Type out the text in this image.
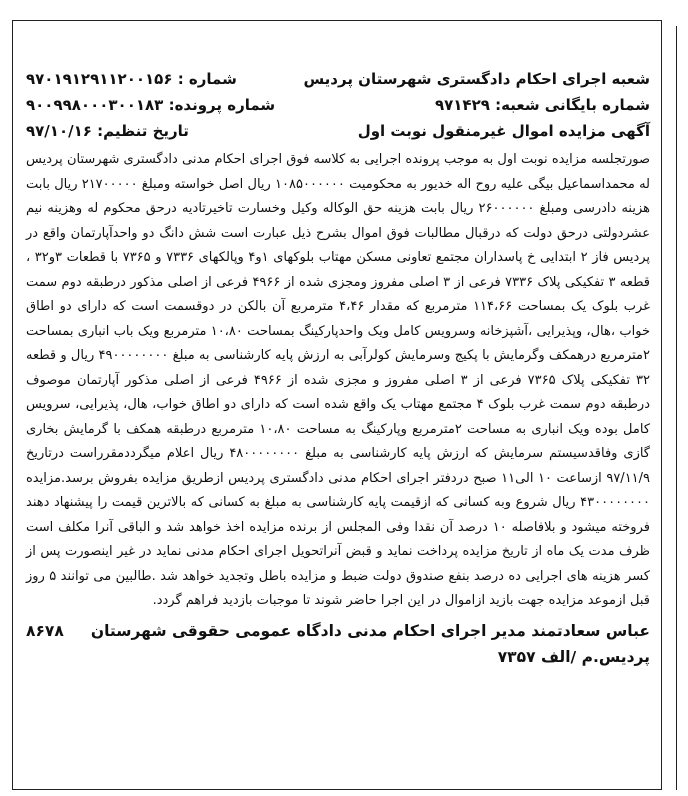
شعبه اجرای احکام دادگستری شهرستان پردیس
شماره : ۹۷۰۱۹۱۲۹۱۱۲۰۰۱۵۶
شماره بایگانی شعبه: ۹۷۱۴۲۹
شماره پرونده: ۹۰۰۹۹۸۰۰۰۳۰۰۱۸۳
آگهی مزایده اموال غیرمنقول نوبت اول
تاریخ تنظیم: ۹۷/۱۰/۱۶
صورتجلسه مزایده نوبت اول به موجب پرونده اجرایی به کلاسه فوق اجرای احکام مدنی دادگستری شهرستان پردیس له محمداسماعیل بیگی علیه روح اله خدیور به محکومیت ۱۰۸۵۰۰۰۰۰۰ ریال اصل خواسته ومبلغ ۲۱۷۰۰۰۰۰ ریال بابت هزینه دادرسی ومبلغ ۲۶۰۰۰۰۰۰ ریال بابت هزینه حق الوکاله وکیل وخسارت تاخیرتادیه درحق محکوم له وهزینه نیم عشردولتی درحق دولت که درقبال مطالبات فوق اموال بشرح ذیل عبارت است شش دانگ دو واحدآپارتمان واقع در پردیس فاز ۲ ابتدایی خ پاسداران مجتمع تعاونی مسکن مهتاب بلوکهای ۱و۴ وپالکهای ۷۳۳۶ و ۷۳۶۵ با قطعات ۳و۳۲ ، قطعه ۳ تفکیکی پلاک ۷۳۳۶ فرعی از ۳ اصلی مفروز ومجزی شده از ۴۹۶۶ فرعی از اصلی مذکور درطبقه دوم سمت غرب بلوک یک بمساحت ۱۱۴،۶۶ مترمربع که مقدار ۴،۴۶ مترمربع آن بالکن در دوقسمت است که دارای دو اطاق خواب ،هال، وپذیرایی ،آشپزخانه وسرویس کامل ویک واحدپارکینگ بمساحت ۱۰،۸۰ مترمربع ویک باب انباری بمساحت ۲مترمربع درهمکف وگرمایش با پکیج وسرمایش کولرآبی به ارزش پایه کارشناسی به مبلغ ۴۹۰۰۰۰۰۰۰۰ ریال و قطعه ۳۲ تفکیکی پلاک ۷۳۶۵ فرعی از ۳ اصلی مفروز و مجزی شده از ۴۹۶۶ فرعی از اصلی مذکور آپارتمان موصوف درطبقه دوم سمت غرب بلوک ۴ مجتمع مهتاب یک واقع شده است که دارای دو اطاق خواب، هال، پذیرایی، سرویس کامل بوده ویک انباری به مساحت ۲مترمربع وپارکینگ به مساحت ۱۰،۸۰ مترمربع درطبقه همکف با گرمایش بخاری گازی وفاقدسیستم سرمایش که ارزش پایه کارشناسی به مبلغ ۴۸۰۰۰۰۰۰۰۰ ریال اعلام میگرددمقرراست درتاریخ ۹۷/۱۱/۹ ازساعت ۱۰ الی۱۱ صبح دردفتر اجرای احکام مدنی دادگستری پردیس ازطریق مزایده بفروش برسد.مزایده ۴۳۰۰۰۰۰۰۰۰ ریال شروع وبه کسانی که ازقیمت پایه کارشناسی به مبلغ به کسانی که بالاترین قیمت را پیشنهاد دهند فروخته میشود و بلافاصله ۱۰ درصد آن نقدا وفی المجلس از برنده مزایده اخذ خواهد شد و الباقی آنرا مکلف است ظرف مدت یک ماه از تاریخ مزایده پرداخت نماید و قبض آنراتحویل اجرای احکام مدنی نماید در غیر اینصورت پس از کسر هزینه های اجرایی ده درصد بنفع صندوق دولت ضبط و مزایده باطل وتجدید خواهد شد .طالبین می توانند ۵ روز قبل ازموعد مزایده جهت بازید ازاموال در این اجرا حاضر شوند تا موجبات بازدید فراهم گردد.
عباس سعادتمند مدیر اجرای احکام مدنی دادگاه عمومی حقوقی شهرستان
۸۶۷۸
پردیس.م /الف ۷۳۵۷
